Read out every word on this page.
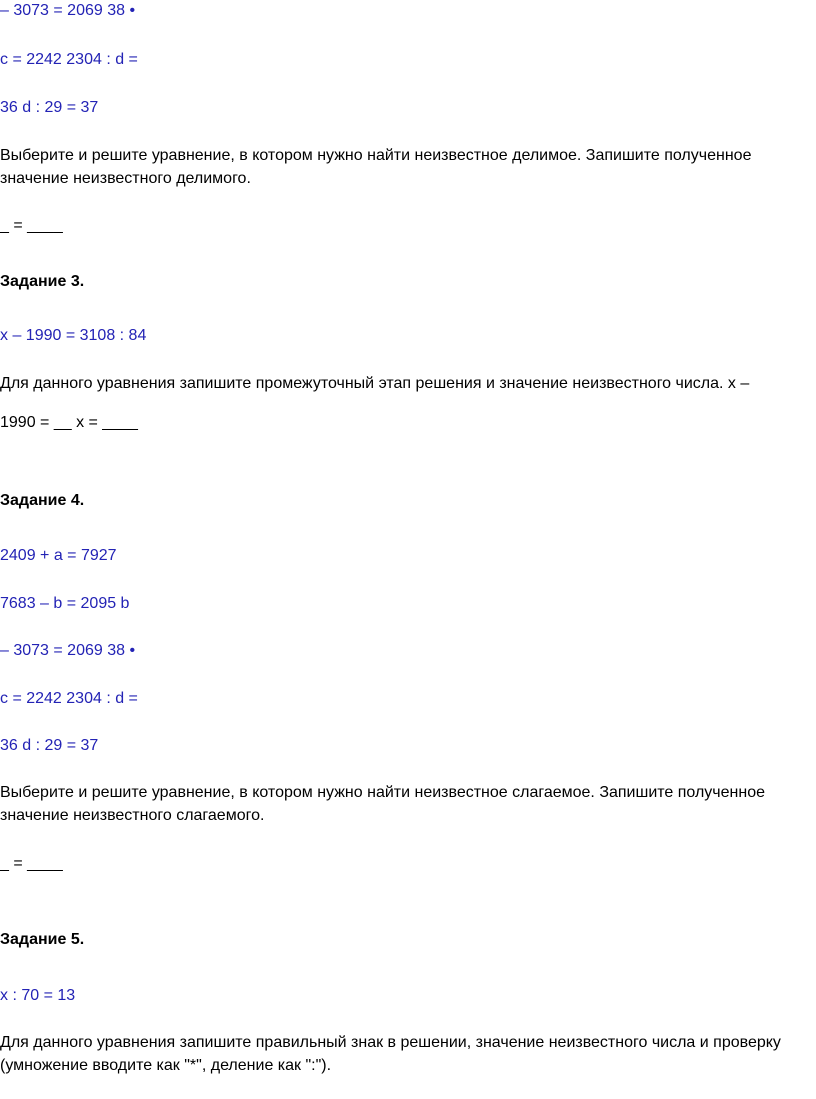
– 3073 = 2069 38 •
c = 2242 2304 : d =
36 d : 29 = 37
Выберите и решите уравнение, в котором нужно найти неизвестное делимое. Запишите полученное
значение неизвестного делимого.
_ = ____
Задание 3.
x – 1990 = 3108 : 84
Для данного уравнения запишите промежуточный этап решения и значение неизвестного числа. x –
1990 = __ x = ____
Задание 4.
2409 + a = 7927
7683 – b = 2095 b
– 3073 = 2069 38 •
c = 2242 2304 : d =
36 d : 29 = 37
Выберите и решите уравнение, в котором нужно найти неизвестное слагаемое. Запишите полученное
значение неизвестного слагаемого.
_ = ____
Задание 5.
x : 70 = 13
Для данного уравнения запишите правильный знак в решении, значение неизвестного числа и проверку
(умножение вводите как "*", деление как ":").
